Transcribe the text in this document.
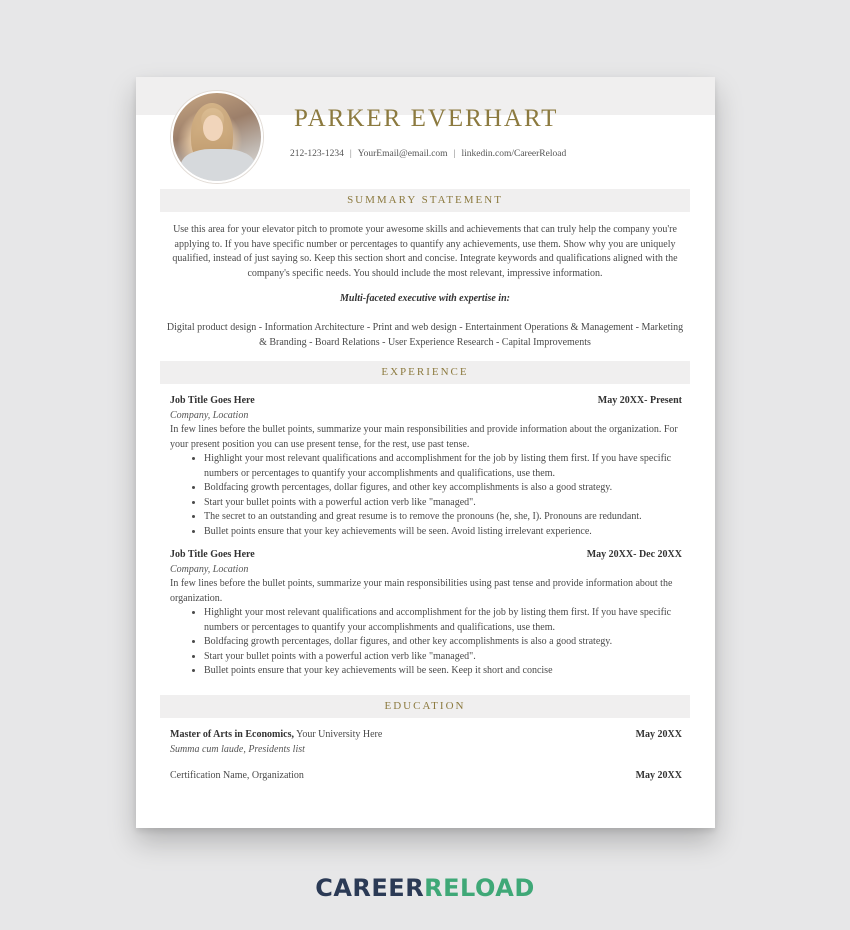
PARKER EVERHART
212-123-1234 | YourEmail@email.com | linkedin.com/CareerReload
SUMMARY STATEMENT
Use this area for your elevator pitch to promote your awesome skills and achievements that can truly help the company you're applying to. If you have specific number or percentages to quantify any achievements, use them. Show why you are uniquely qualified, instead of just saying so. Keep this section short and concise. Integrate keywords and qualifications aligned with the company's specific needs. You should include the most relevant, impressive information.
Multi-faceted executive with expertise in:
Digital product design - Information Architecture - Print and web design - Entertainment Operations & Management - Marketing & Branding - Board Relations - User Experience Research - Capital Improvements
EXPERIENCE
Job Title Goes Here	May 20XX- Present
Company, Location

In few lines before the bullet points, summarize your main responsibilities and provide information about the organization. For your present position you can use present tense, for the rest, use past tense.

• Highlight your most relevant qualifications and accomplishment for the job by listing them first. If you have specific numbers or percentages to quantify your accomplishments and qualifications, use them.
• Boldfacing growth percentages, dollar figures, and other key accomplishments is also a good strategy.
• Start your bullet points with a powerful action verb like "managed".
• The secret to an outstanding and great resume is to remove the pronouns (he, she, I). Pronouns are redundant.
• Bullet points ensure that your key achievements will be seen. Avoid listing irrelevant experience.
Job Title Goes Here	May 20XX- Dec 20XX
Company, Location

In few lines before the bullet points, summarize your main responsibilities using past tense and provide information about the organization.

• Highlight your most relevant qualifications and accomplishment for the job by listing them first. If you have specific numbers or percentages to quantify your accomplishments and qualifications, use them.
• Boldfacing growth percentages, dollar figures, and other key accomplishments is also a good strategy.
• Start your bullet points with a powerful action verb like "managed".
• Bullet points ensure that your key achievements will be seen. Keep it short and concise
EDUCATION
Master of Arts in Economics, Your University Here	May 20XX
Summa cum laude, Presidents list
Certification Name, Organization	May 20XX
CAREERRELOAD
